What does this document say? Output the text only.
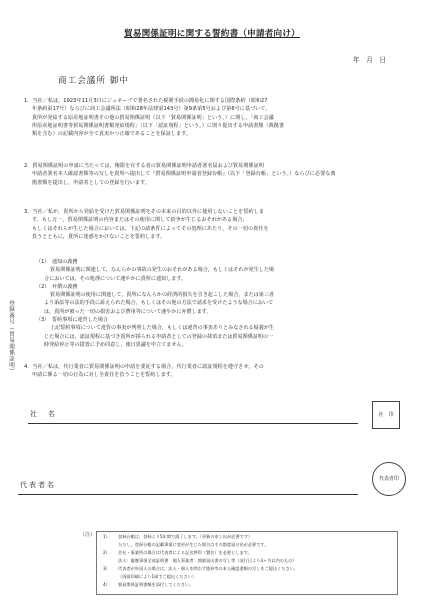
貿易関係証明に関する誓約書（申請者向け）
年　月　日
商工会議所 御中
1．当社／私は，1923年11月3日にジュネーブで署名された税関手続の簡易化に関する国際条約（昭和27
年条約第17号）ならびに商工会議所法（昭和28年法律第143号）第9条第5号および第6号に基づいて，
貴所が発給する原産地証明書その他の貿易関係証明（以下「貿易関係証明」という。）に関し，「商工会議
所原産地証明書等貿易関係証明書類発給規程」（以下「認証規程」という。）に則り提出する申請書類（典拠書
類を含む）の記載内容が全て真実かつ正確であることを保証します。
2．貿易関係証明の申請に当たっては，権限を有する者の貿易関係証明申請者署名届および貿易関係証明
申請者署名本人確認書類等の写しを貴所へ提出して『貿易関係証明申請者登録台帳』（以下「登録台帳」という。）ならびに必要な典
拠書類を提出し，申請者としての登録を行います。
3．当社／私が，貴所から発給を受けた貿易関係証明をその本来の目的以外に使用しないことを誓約しま
す。もし万一，貿易関係証明の内容またはその使用に関して紛争が生じるおそれがある場合，
もしくはそれらが生じた場合においては，下記の諸条件によってその処理にあたり，その一切の責任を
負うとともに，貴所に迷惑をかけないことを誓約します。
（1）　通知の義務
貿易関係証明に関連して，なんらかの事故の発生のおそれがある場合，もしくはそれが発生した場
合においては，その処理について速やかに貴所に通知します。
（2）　弁償の義務
貿易関係証明の使用に関連して，貴所になんらかの経済的損失を引き起こした場合，または第三者
より訴訟等の法的手段に訴えられた場合，もしくはその他の方法で請求を受けたような場合において
は，貴所が被った一切の損害および費用等について速やかに弁償します。
（3）　誓約事項に違背した場合
上記誓約事項について違背の事実が判明した場合，もしくは違背の事実ありとみなされる疑義が生
じた場合には，認証規程に基づき貴所が採られる申請者としての登録の抹消または貿易関係証明の一
時発給停止等の措置に予め同意し，後日異議を申立てません。
4．当社／私は，代行業者に貿易関係証明の申請を委託する場合，代行業者に認証規程を遵守させ，その
申請に係る一切の行為に対し全責任を負うことを誓約します。
登録番号（貿易関係証明）
社　名	社　印
代表者名
代表者印
（注） 1） 登録台帳は，登録より5年間で満了します。（更新の申し出が必要です）
ただし，登録台帳の記載事項に変更が生じた場合はその都度届け出が必要です。
2） 会社・事業所の場合は代表者による記名押印（署名）を必要とします。
法人：履歴事項全部証明書　個人事業者：開業届出書の写し等（発行日より3ヶ月以内のもの）
3） 代表者が外国人の場合は，法人・個人を問わず旅券等の本人確認書類の写しをご提出ください。
（両面印刷により1部でご提出ください）
4） 貿易関係証明書類を添付してください。
